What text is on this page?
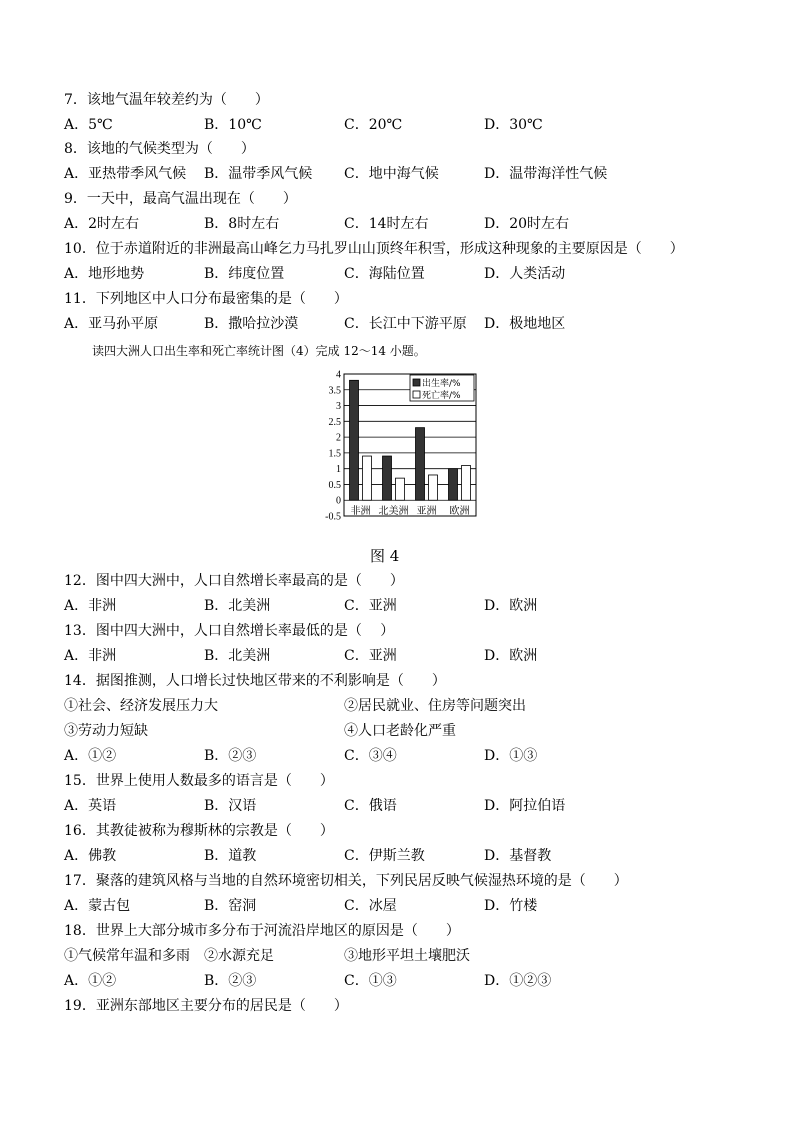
7．该地气温年较差约为（　　）
A．5℃	B．10℃	C．20℃	D．30℃
8．该地的气候类型为（　　）
A．亚热带季风气候 B．温带季风气候 C．地中海气候	D．温带海洋性气候
9．一天中，最高气温出现在（　　）
A．2时左右	B．8时左右	C．14时左右	D．20时左右
10．位于赤道附近的非洲最高山峰乞力马扎罗山山顶终年积雪，形成这种现象的主要原因是（　　）
A．地形地势	B．纬度位置	C．海陆位置	D．人类活动
11．下列地区中人口分布最密集的是（　　）
A．亚马孙平原	B．撒哈拉沙漠	C．长江中下游平原 D．极地地区
读四大洲人口出生率和死亡率统计图（4）完成 12～14 小题。
4
3.5
3
2.5
2
1.5
1
0.5
0
-0.5 非洲 北美洲 亚洲 欧洲
出生率/%
死亡率/%
图 4
12．图中四大洲中，人口自然增长率最高的是（　　）
A．非洲	B．北美洲	C．亚洲	D．欧洲
13．图中四大洲中，人口自然增长率最低的是（　 ）
A．非洲	B．北美洲	C．亚洲	D．欧洲
14．据图推测，人口增长过快地区带来的不利影响是（　　）
①社会、经济发展压力大	②居民就业、住房等问题突出
③劳动力短缺	④人口老龄化严重
A．①②	B．②③	C．③④	D．①③
15．世界上使用人数最多的语言是（　　）
A．英语	B．汉语	C．俄语	D．阿拉伯语
16．其教徒被称为穆斯林的宗教是（　　）
A．佛教	B．道教	C．伊斯兰教	D．基督教
17．聚落的建筑风格与当地的自然环境密切相关，下列民居反映气候湿热环境的是（　　）
A．蒙古包	B．窑洞	C．冰屋	D．竹楼
18．世界上大部分城市多分布于河流沿岸地区的原因是（　　）
①气候常年温和多雨 ②水源充足	③地形平坦土壤肥沃
A．①②	B．②③	C．①③	D．①②③
19．亚洲东部地区主要分布的居民是（　　）
